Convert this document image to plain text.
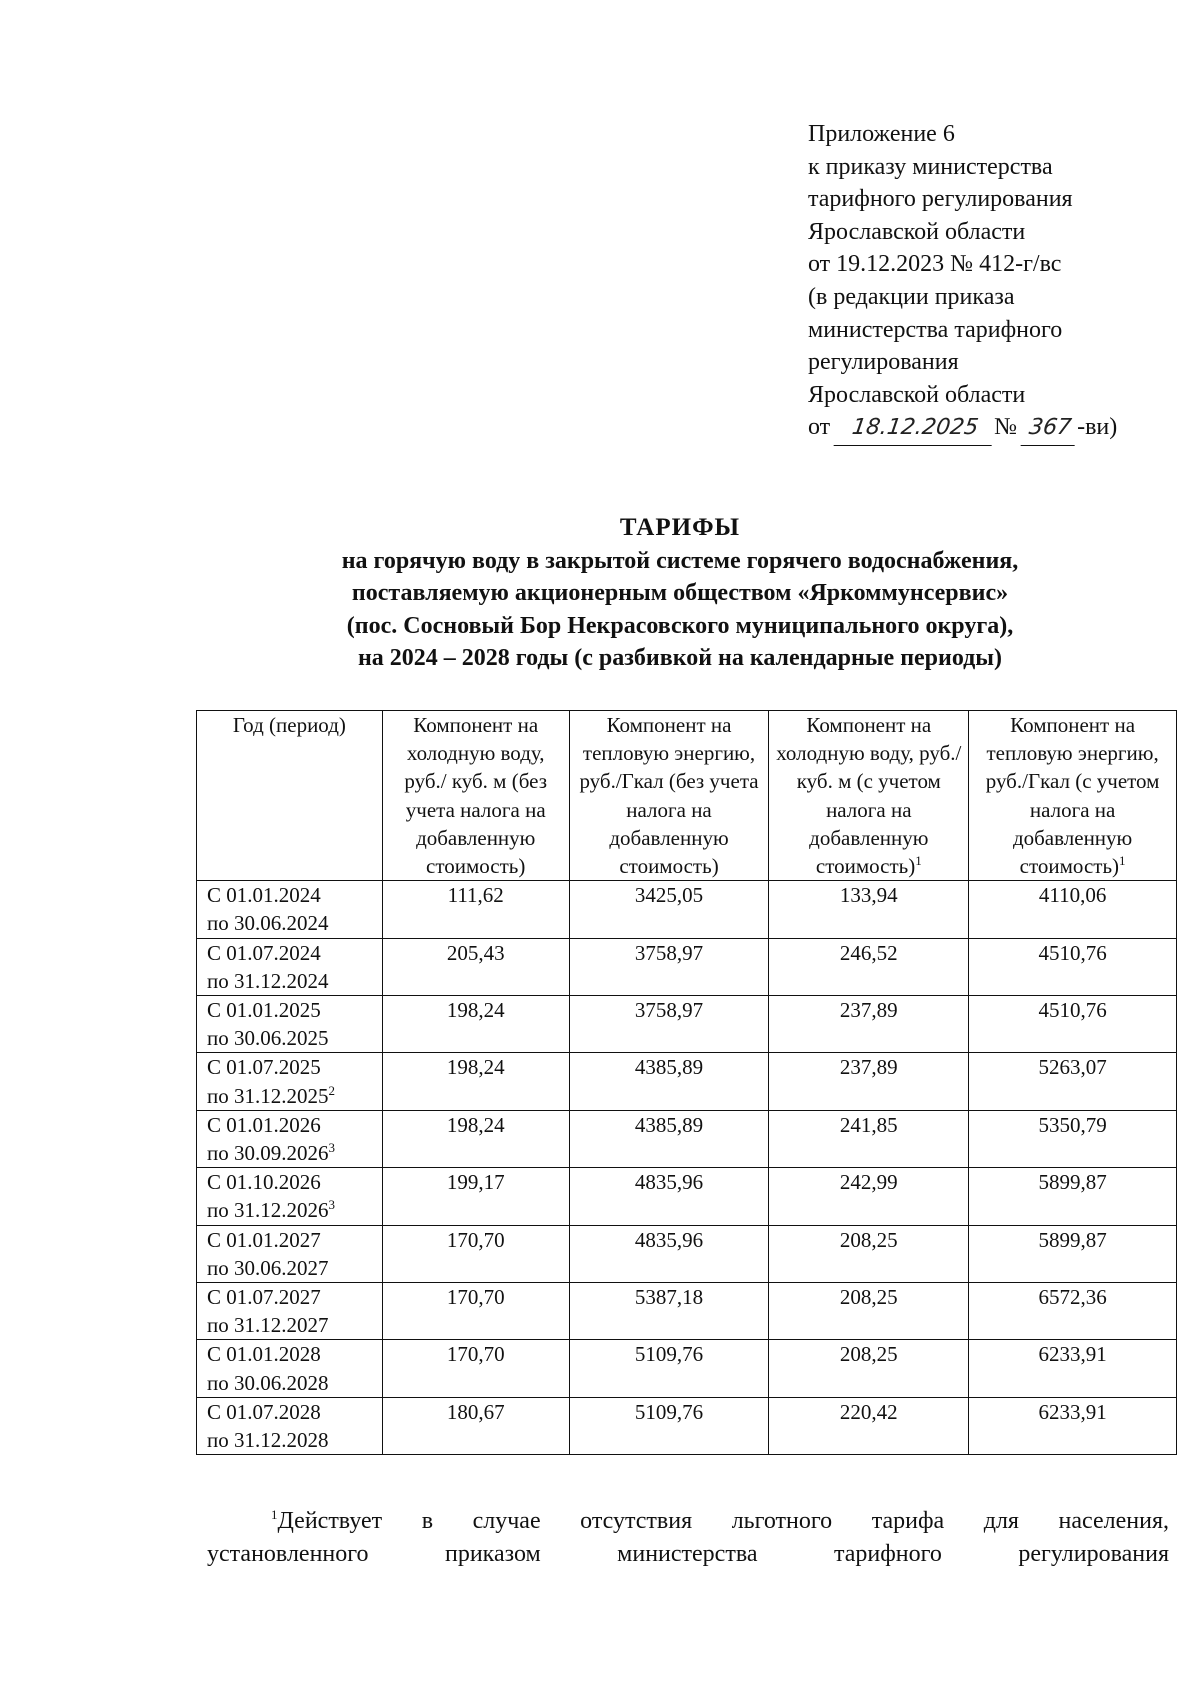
Приложение 6
к приказу министерства
тарифного регулирования
Ярославской области
от 19.12.2023 № 412-г/вс
(в редакции приказа
министерства тарифного
регулирования
Ярославской области
от 18.12.2025 № 367 -ви)
ТАРИФЫ
на горячую воду в закрытой системе горячего водоснабжения,
поставляемую акционерным обществом «Яркоммунсервис»
(пос. Сосновый Бор Некрасовского муниципального округа),
на 2024 – 2028 годы (с разбивкой на календарные периоды)
Год (период)	Компонент на холодную воду, руб./ куб. м (без учета налога на добавленную стоимость)	Компонент на тепловую энергию, руб./Гкал (без учета налога на добавленную стоимость)	Компонент на холодную воду, руб./ куб. м (с учетом налога на добавленную стоимость)$^1$	Компонент на тепловую энергию, руб./Гкал (с учетом налога на добавленную стоимость)$^1$

С 01.01.2024
по 30.06.2024	111,62	3425,05	133,94	4110,06

С 01.07.2024
по 31.12.2024	205,43	3758,97	246,52	4510,76

С 01.01.2025
по 30.06.2025	198,24	3758,97	237,89	4510,76

С 01.07.2025
по 31.12.2025$^2$	198,24	4385,89	237,89	5263,07

С 01.01.2026
по 30.09.2026$^3$	198,24	4385,89	241,85	5350,79

С 01.10.2026
по 31.12.2026$^3$	199,17	4835,96	242,99	5899,87

С 01.01.2027
по 30.06.2027	170,70	4835,96	208,25	5899,87

С 01.07.2027
по 31.12.2027	170,70	5387,18	208,25	6572,36

С 01.01.2028
по 30.06.2028	170,70	5109,76	208,25	6233,91

С 01.07.2028
по 31.12.2028	180,67	5109,76	220,42	6233,91
$^1$Действует в случае отсутствия льготного тарифа для населения,
установленного приказом министерства тарифного регулирования
